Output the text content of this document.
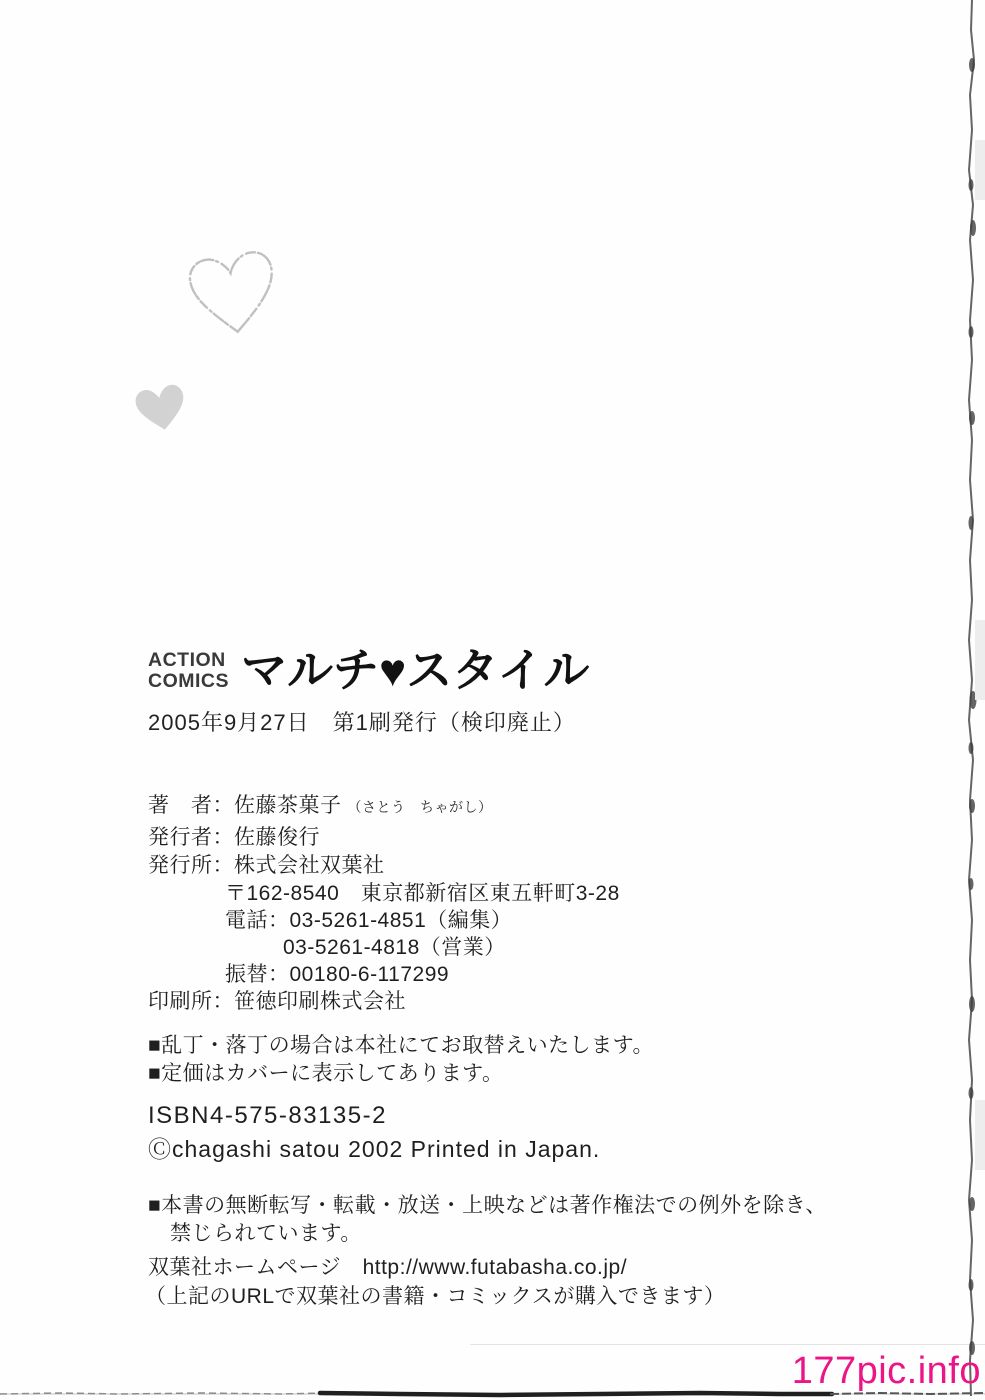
ACTION
COMICS マルチ♥スタイル
2005年9月27日　第1刷発行（検印廃止）
著　者：佐藤茶菓子 （さとう　ちゃがし）
発行者：佐藤俊行
発行所：株式会社双葉社
〒162-8540　東京都新宿区東五軒町3-28
電話：03-5261-4851（編集）
03-5261-4818（営業）
振替：00180-6-117299
印刷所：笹徳印刷株式会社
■乱丁・落丁の場合は本社にてお取替えいたします。
■定価はカバーに表示してあります。
ISBN4-575-83135-2
Ⓒchagashi satou 2002 Printed in Japan.
■本書の無断転写・転載・放送・上映などは著作権法での例外を除き、
禁じられています。
双葉社ホームページ　http://www.futabasha.co.jp/
（上記のURLで双葉社の書籍・コミックスが購入できます）
177pic.info
